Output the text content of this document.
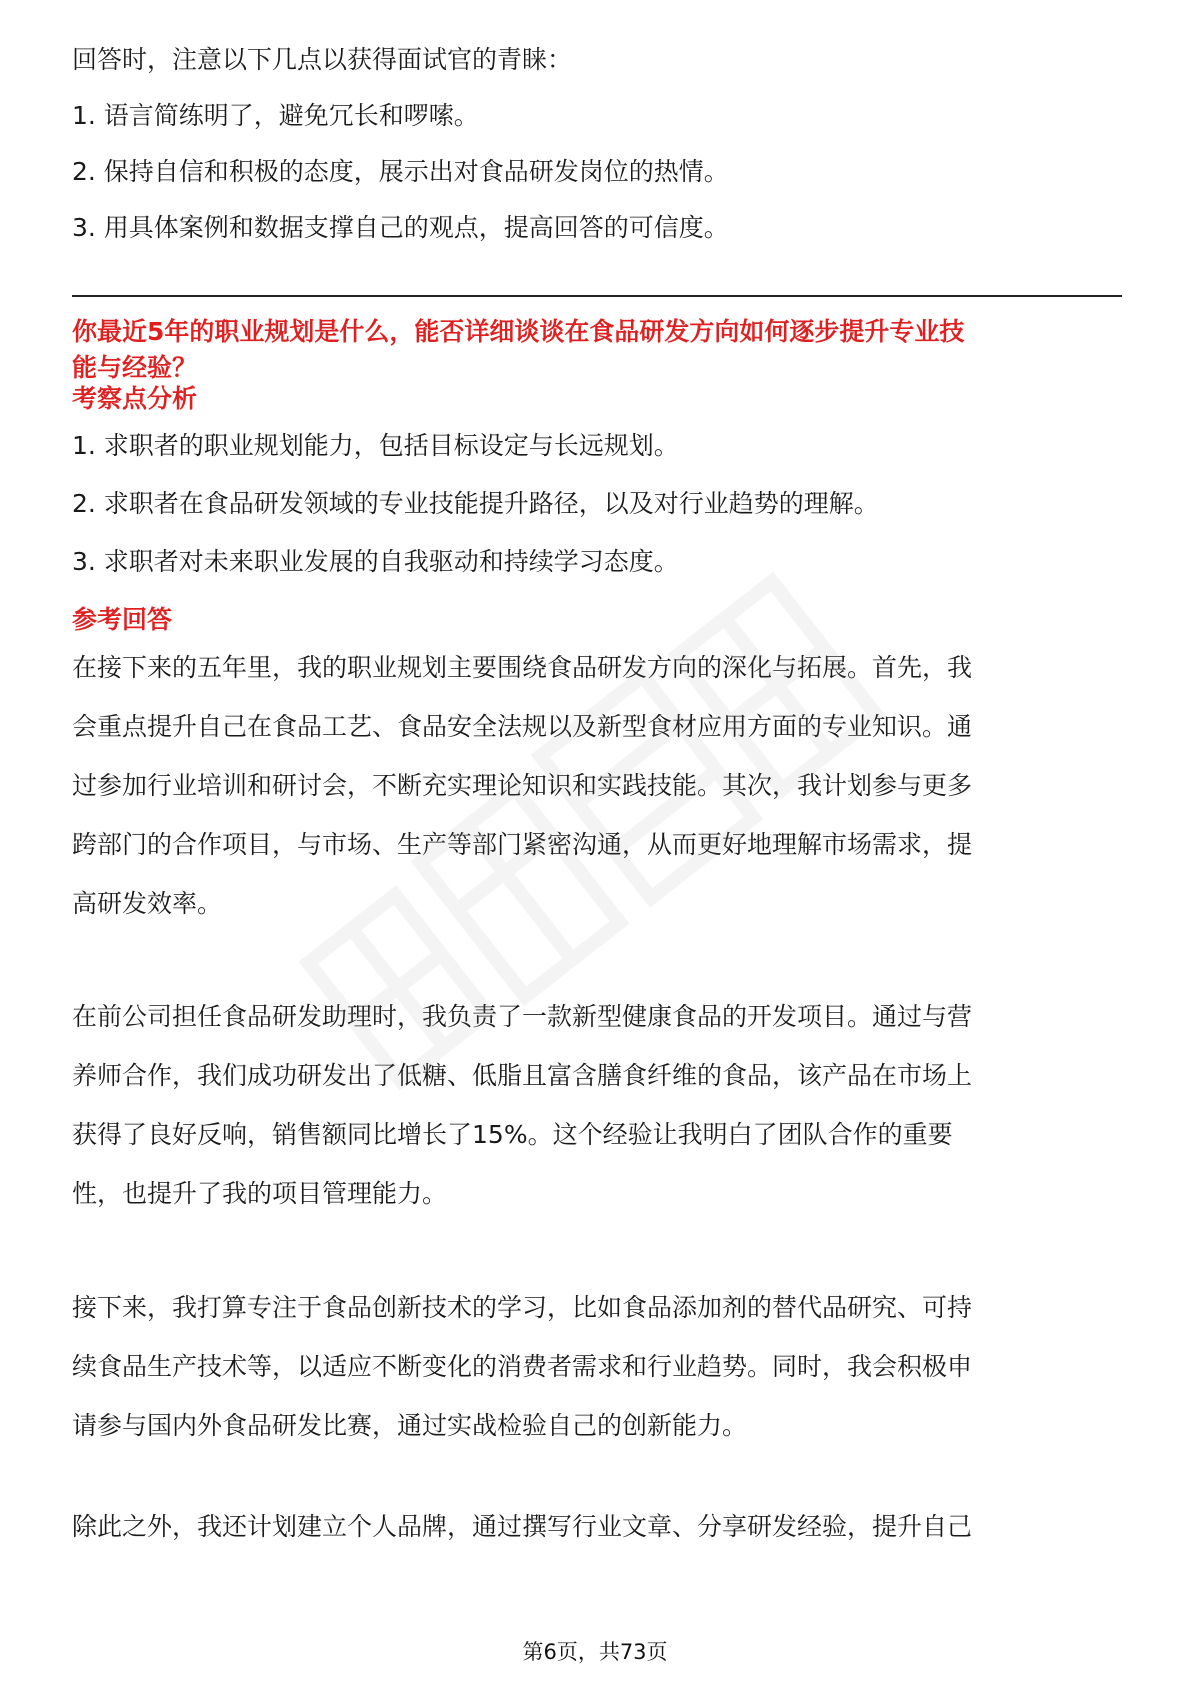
回答时，注意以下几点以获得面试官的青睐：

1. 语言简练明了，避免冗长和啰嗦。

2. 保持自信和积极的态度，展示出对食品研发岗位的热情。

3. 用具体案例和数据支撑自己的观点，提高回答的可信度。

你最近5年的职业规划是什么，能否详细谈谈在食品研发方向如何逐步提升专业技
能与经验？
考察点分析

1. 求职者的职业规划能力，包括目标设定与长远规划。

2. 求职者在食品研发领域的专业技能提升路径，以及对行业趋势的理解。

3. 求职者对未来职业发展的自我驱动和持续学习态度。

参考回答

在接下来的五年里，我的职业规划主要围绕食品研发方向的深化与拓展。首先，我

会重点提升自己在食品工艺、食品安全法规以及新型食材应用方面的专业知识。通

过参加行业培训和研讨会，不断充实理论知识和实践技能。其次，我计划参与更多

跨部门的合作项目，与市场、生产等部门紧密沟通，从而更好地理解市场需求，提

高研发效率。

在前公司担任食品研发助理时，我负责了一款新型健康食品的开发项目。通过与营

养师合作，我们成功研发出了低糖、低脂且富含膳食纤维的食品，该产品在市场上

获得了良好反响，销售额同比增长了15%。这个经验让我明白了团队合作的重要

性，也提升了我的项目管理能力。

接下来，我打算专注于食品创新技术的学习，比如食品添加剂的替代品研究、可持

续食品生产技术等，以适应不断变化的消费者需求和行业趋势。同时，我会积极申

请参与国内外食品研发比赛，通过实战检验自己的创新能力。

除此之外，我还计划建立个人品牌，通过撰写行业文章、分享研发经验，提升自己

第6页，共73页
